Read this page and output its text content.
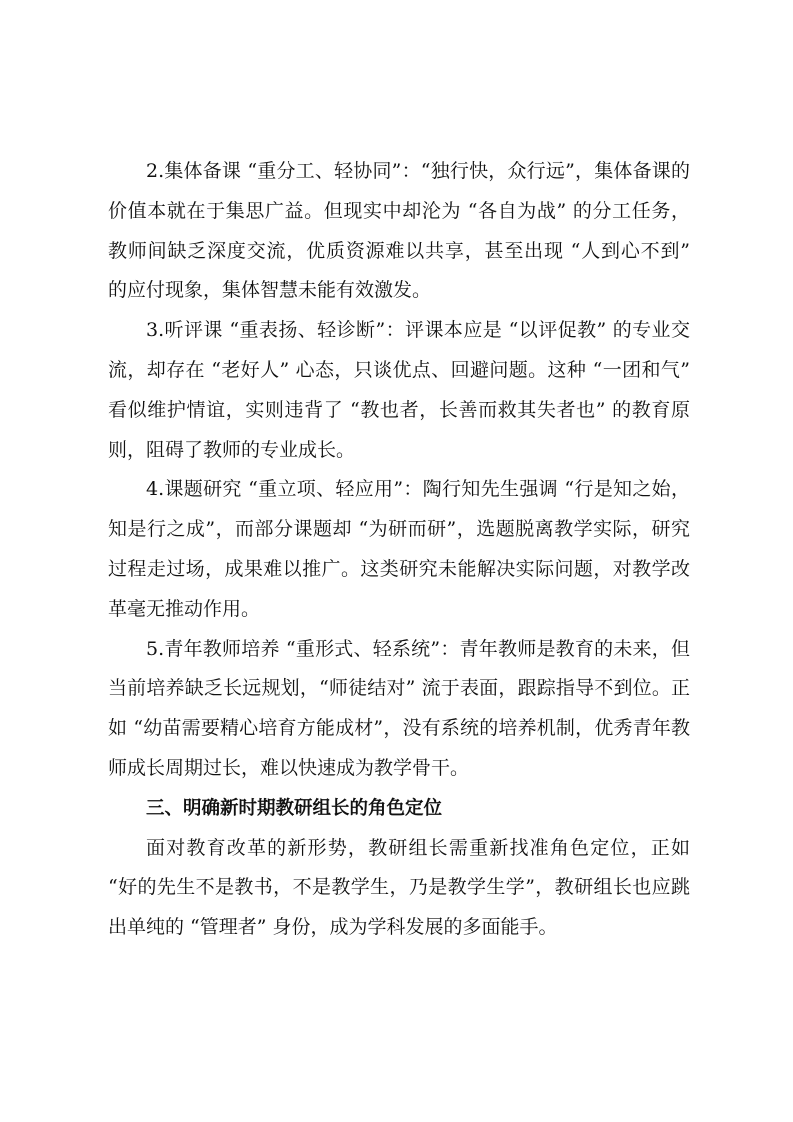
2.集体备课 “重分工、轻协同”：“独行快，众行远”，集体备课的价值本就在于集思广益。但现实中却沦为 “各自为战” 的分工任务，教师间缺乏深度交流，优质资源难以共享，甚至出现 “人到心不到” 的应付现象，集体智慧未能有效激发。

3.听评课 “重表扬、轻诊断”：评课本应是 “以评促教” 的专业交流，却存在 “老好人” 心态，只谈优点、回避问题。这种 “一团和气” 看似维护情谊，实则违背了 “教也者，长善而救其失者也” 的教育原则，阻碍了教师的专业成长。

4.课题研究 “重立项、轻应用”：陶行知先生强调 “行是知之始，知是行之成”，而部分课题却 “为研而研”，选题脱离教学实际，研究过程走过场，成果难以推广。这类研究未能解决实际问题，对教学改革毫无推动作用。

5.青年教师培养 “重形式、轻系统”：青年教师是教育的未来，但当前培养缺乏长远规划，“师徒结对” 流于表面，跟踪指导不到位。正如 “幼苗需要精心培育方能成材”，没有系统的培养机制，优秀青年教师成长周期过长，难以快速成为教学骨干。

三、明确新时期教研组长的角色定位

面对教育改革的新形势，教研组长需重新找准角色定位，正如 “好的先生不是教书，不是教学生，乃是教学生学”，教研组长也应跳出单纯的 “管理者” 身份，成为学科发展的多面能手。
